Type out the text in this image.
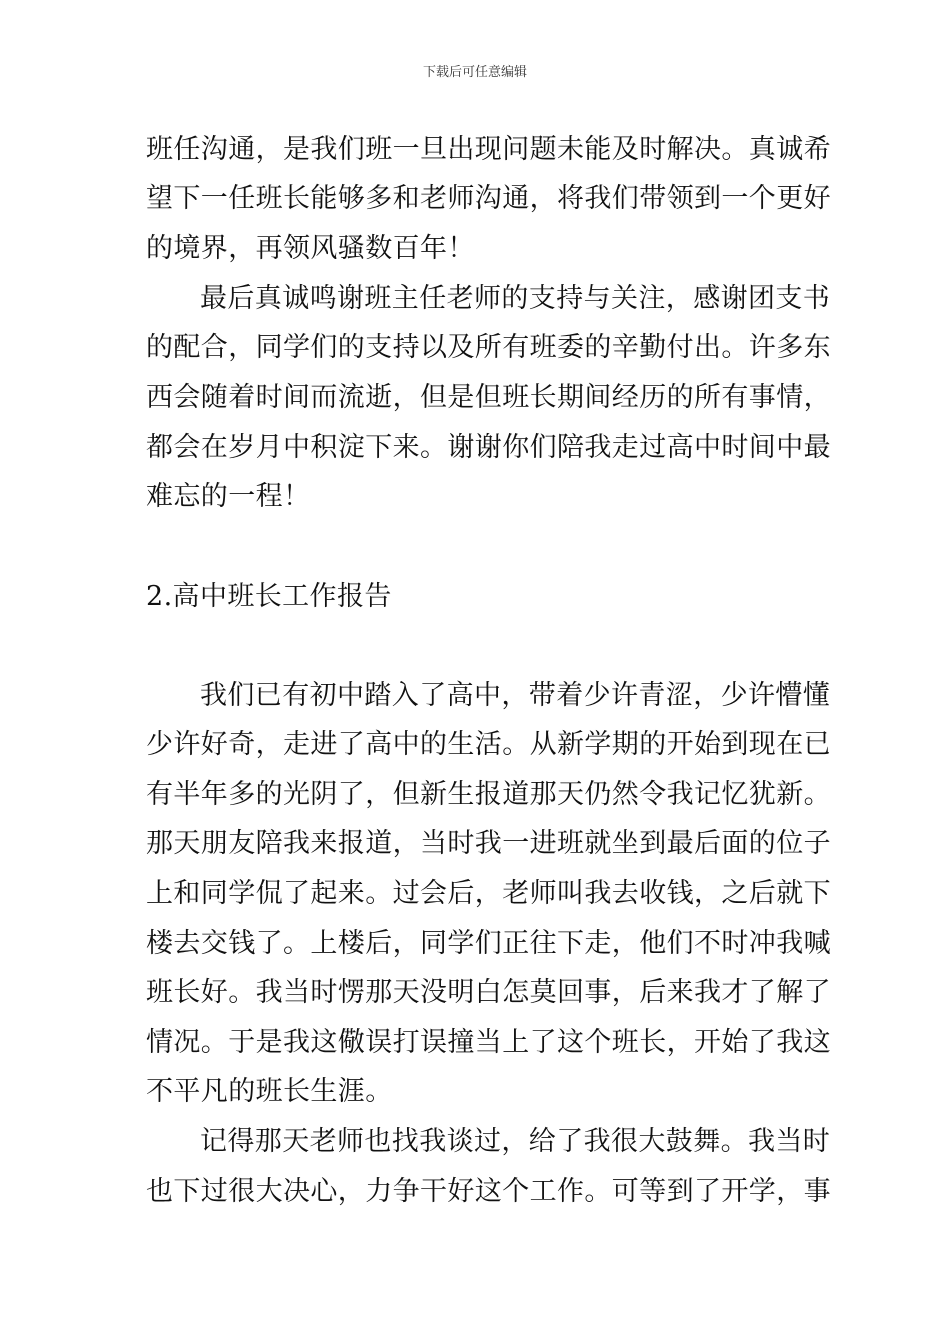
下载后可任意编辑
班任沟通，是我们班一旦出现问题未能及时解决。真诚希
望下一任班长能够多和老师沟通，将我们带领到一个更好
的境界，再领风骚数百年！
最后真诚鸣谢班主任老师的支持与关注，感谢团支书
的配合，同学们的支持以及所有班委的辛勤付出。许多东
西会随着时间而流逝，但是但班长期间经历的所有事情，
都会在岁月中积淀下来。谢谢你们陪我走过高中时间中最
难忘的一程！
2.高中班长工作报告
我们已有初中踏入了高中，带着少许青涩，少许懵懂
少许好奇，走进了高中的生活。从新学期的开始到现在已
有半年多的光阴了，但新生报道那天仍然令我记忆犹新。
那天朋友陪我来报道，当时我一进班就坐到最后面的位子
上和同学侃了起来。过会后，老师叫我去收钱，之后就下
楼去交钱了。上楼后，同学们正往下走，他们不时冲我喊
班长好。我当时愣那天没明白怎莫回事，后来我才了解了
情况。于是我这儆误打误撞当上了这个班长，开始了我这
不平凡的班长生涯。
记得那天老师也找我谈过，给了我很大鼓舞。我当时
也下过很大决心，力争干好这个工作。可等到了开学，事
